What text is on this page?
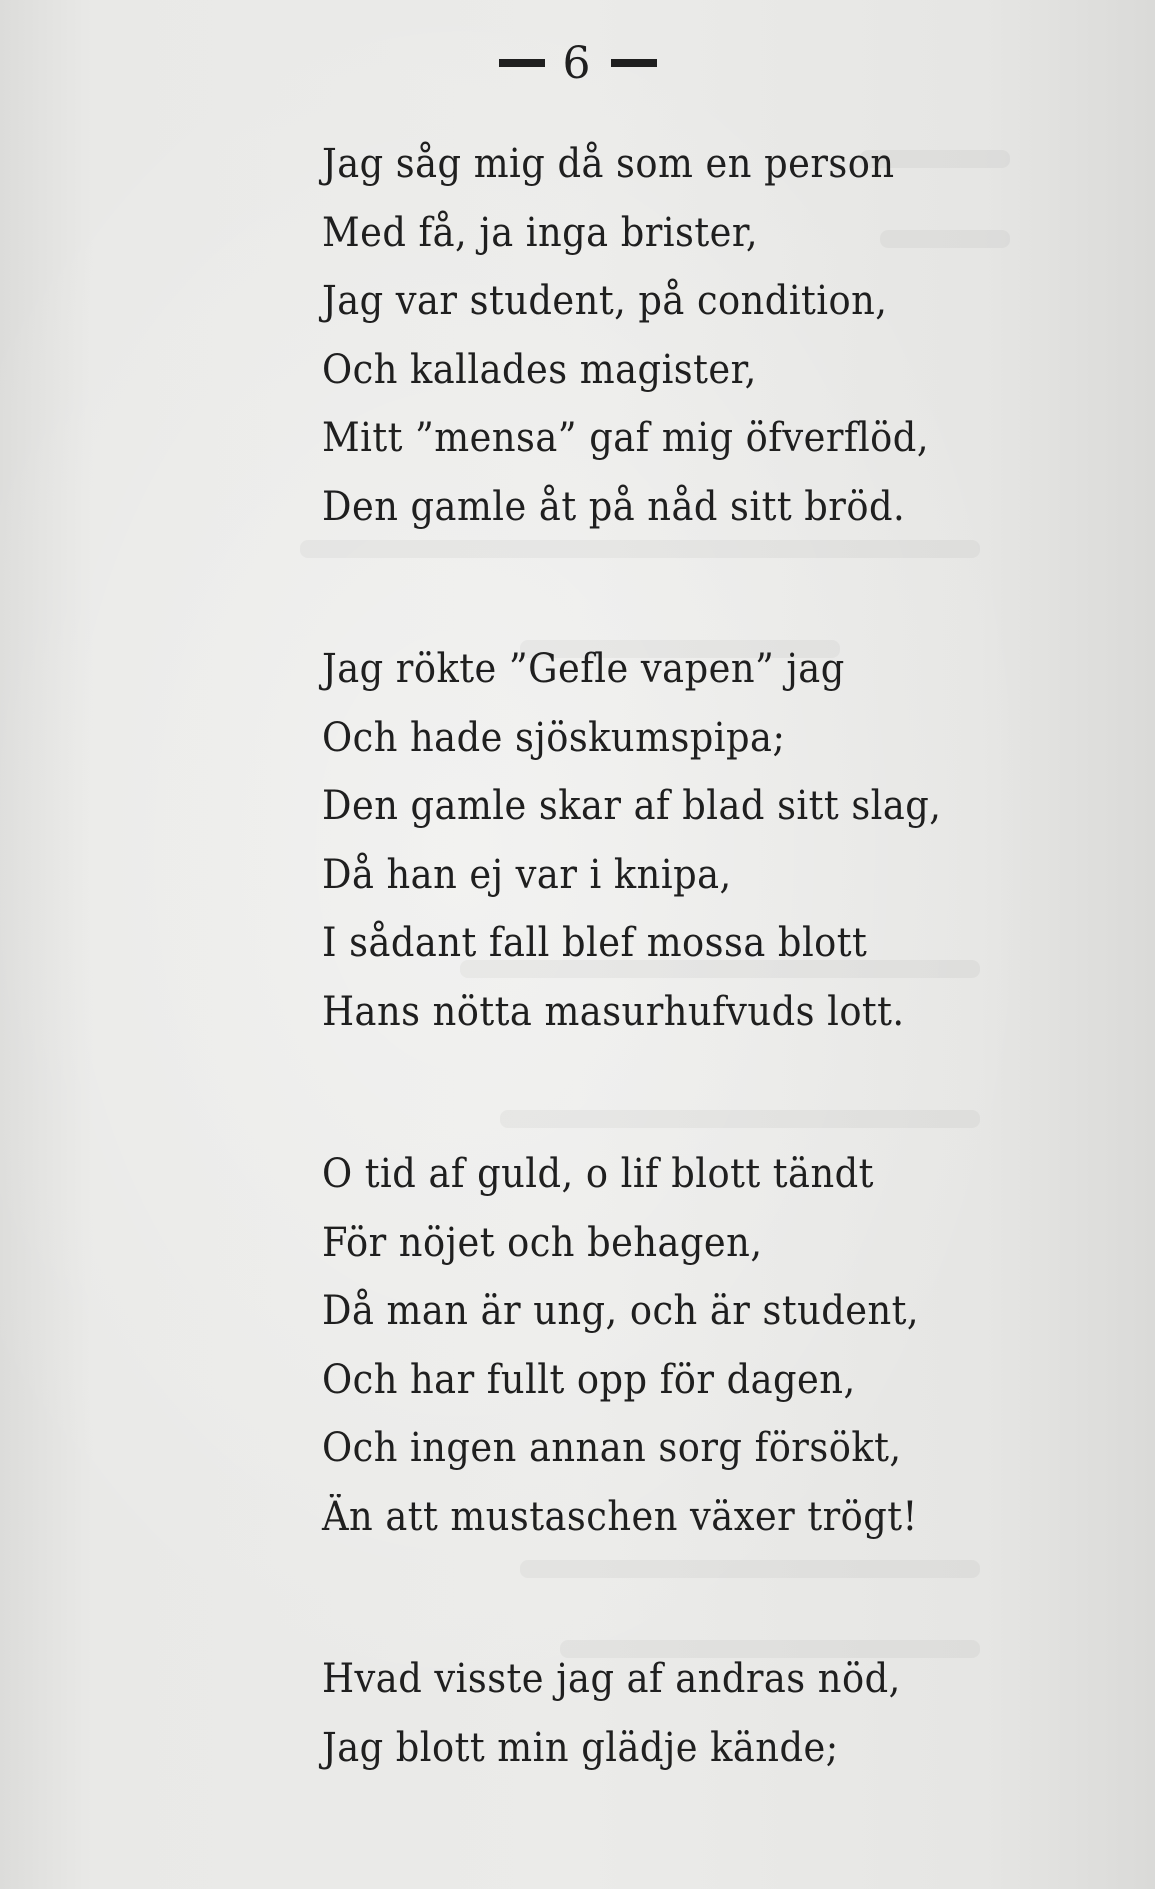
6
Jag såg mig då som en person
Med få, ja inga brister,
Jag var student, på condition,
Och kallades magister,
Mitt ”mensa” gaf mig öfverflöd,
Den gamle åt på nåd sitt bröd.
Jag rökte ”Gefle vapen” jag
Och hade sjöskumspipa;
Den gamle skar af blad sitt slag,
Då han ej var i knipa,
I sådant fall blef mossa blott
Hans nötta masurhufvuds lott.
O tid af guld, o lif blott tändt
För nöjet och behagen,
Då man är ung, och är student,
Och har fullt opp för dagen,
Och ingen annan sorg försökt,
Än att mustaschen växer trögt!
Hvad visste jag af andras nöd,
Jag blott min glädje kände;
